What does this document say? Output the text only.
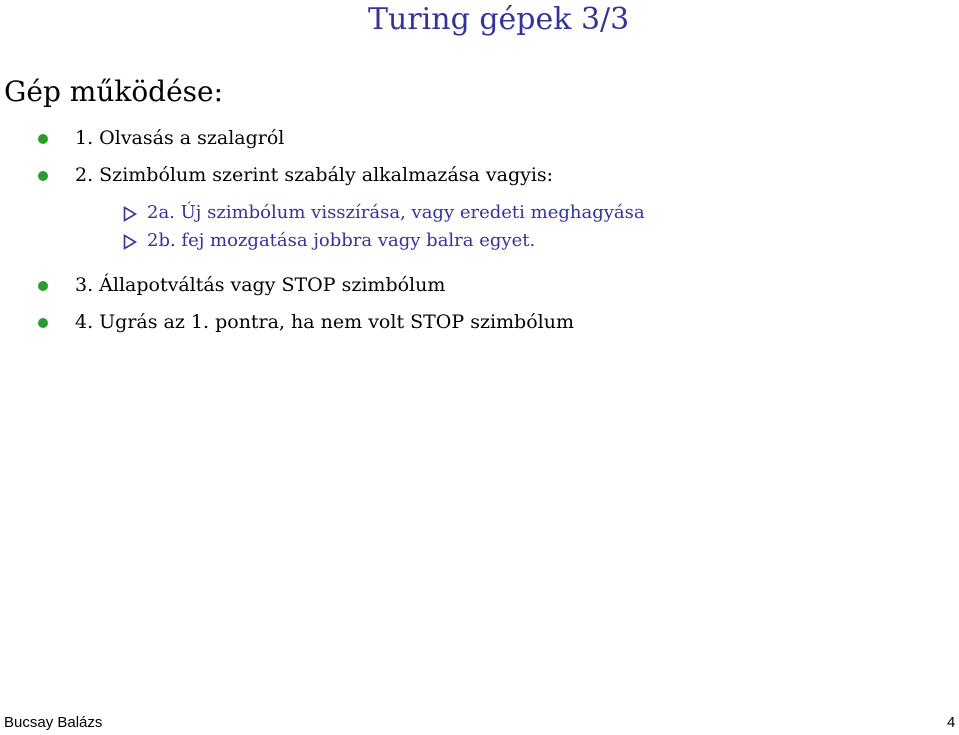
Turing gépek 3/3
Gép működése:
1. Olvasás a szalagról
2. Szimbólum szerint szabály alkalmazása vagyis:
2a. Új szimbólum visszírása, vagy eredeti meghagyása
2b. fej mozgatása jobbra vagy balra egyet.
3. Állapotváltás vagy STOP szimbólum
4. Ugrás az 1. pontra, ha nem volt STOP szimbólum
Bucsay Balázs	4
